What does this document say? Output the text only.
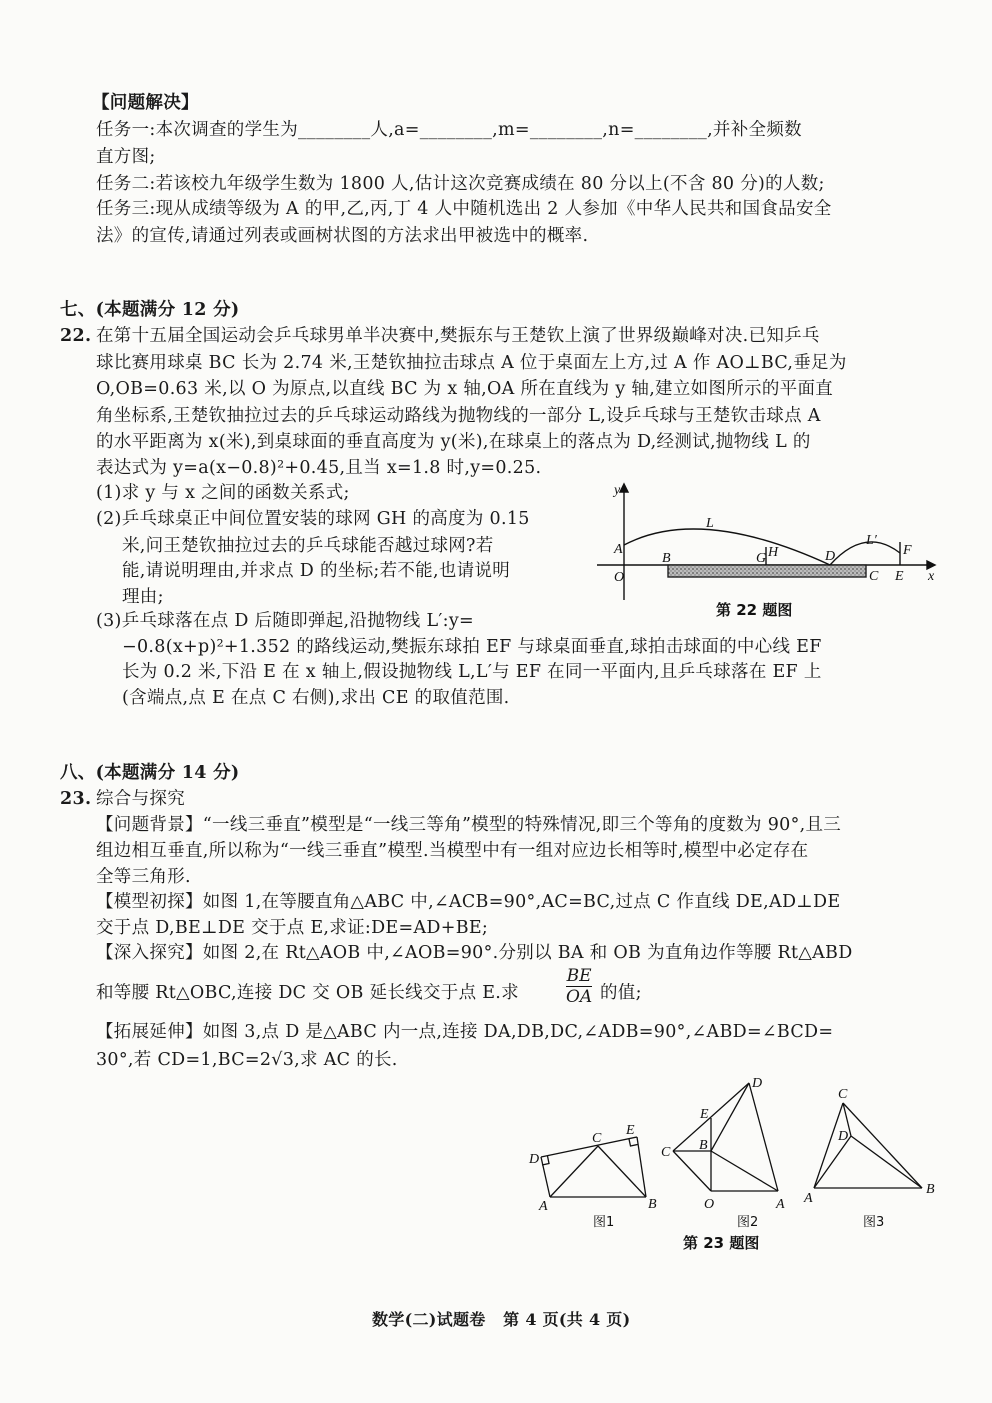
【问题解决】
任务一:本次调查的学生为________人,a=________,m=________,n=________,并补全频数
直方图;
任务二:若该校九年级学生数为 1800 人,估计这次竞赛成绩在 80 分以上(不含 80 分)的人数;
任务三:现从成绩等级为 A 的甲,乙,丙,丁 4 人中随机选出 2 人参加《中华人民共和国食品安全
法》的宣传,请通过列表或画树状图的方法求出甲被选中的概率.
七、(本题满分 12 分)
22. 在第十五届全国运动会乒乓球男单半决赛中,樊振东与王楚钦上演了世界级巅峰对决.已知乒乓
球比赛用球桌 BC 长为 2.74 米,王楚钦抽拉击球点 A 位于桌面左上方,过 A 作 AO⊥BC,垂足为
O,OB=0.63 米,以 O 为原点,以直线 BC 为 x 轴,OA 所在直线为 y 轴,建立如图所示的平面直
角坐标系,王楚钦抽拉过去的乒乓球运动路线为抛物线的一部分 L,设乒乓球与王楚钦击球点 A
的水平距离为 x(米),到桌球面的垂直高度为 y(米),在球桌上的落点为 D,经测试,抛物线 L 的
表达式为 y=a(x−0.8)²+0.45,且当 x=1.8 时,y=0.25.
(1)求 y 与 x 之间的函数关系式;
(2)乒乓球桌正中间位置安装的球网 GH 的高度为 0.15
米,问王楚钦抽拉过去的乒乓球能否越过球网?若
能,请说明理由,并求点 D 的坐标;若不能,也请说明
理由;
(3)乒乓球落在点 D 后随即弹起,沿抛物线 L′:y=
−0.8(x+p)²+1.352 的路线运动,樊振东球拍 EF 与球桌面垂直,球拍击球面的中心线 EF
长为 0.2 米,下沿 E 在 x 轴上,假设抛物线 L,L′与 EF 在同一平面内,且乒乓球落在 EF 上
(含端点,点 E 在点 C 右侧),求出 CE 的取值范围.
八、(本题满分 14 分)
23. 综合与探究
【问题背景】“一线三垂直”模型是“一线三等角”模型的特殊情况,即三个等角的度数为 90°,且三
组边相互垂直,所以称为“一线三垂直”模型.当模型中有一组对应边长相等时,模型中必定存在
全等三角形.
【模型初探】如图 1,在等腰直角△ABC 中,∠ACB=90°,AC=BC,过点 C 作直线 DE,AD⊥DE
交于点 D,BE⊥DE 交于点 E,求证:DE=AD+BE;
【深入探究】如图 2,在 Rt△AOB 中,∠AOB=90°.分别以 BA 和 OB 为直角边作等腰 Rt△ABD
和等腰 Rt△OBC,连接 DC 交 OB 延长线交于点 E.求	$\frac{BE}{OA}$ 的值;
【拓展延伸】如图 3,点 D 是△ABC 内一点,连接 DA,DB,DC,∠ADB=90°,∠ABD=∠BCD=
30°,若 CD=1,BC=2√3,求 AC 的长.
y
x
O
A
B
C
D
E
F
G H
L
L′
第 22 题图
A	B
C
D
E
图1
O	A
B
C
D
E
图2
A
B
C
D
图3
第 23 题图
数学(二)试题卷   第 4 页(共 4 页)
